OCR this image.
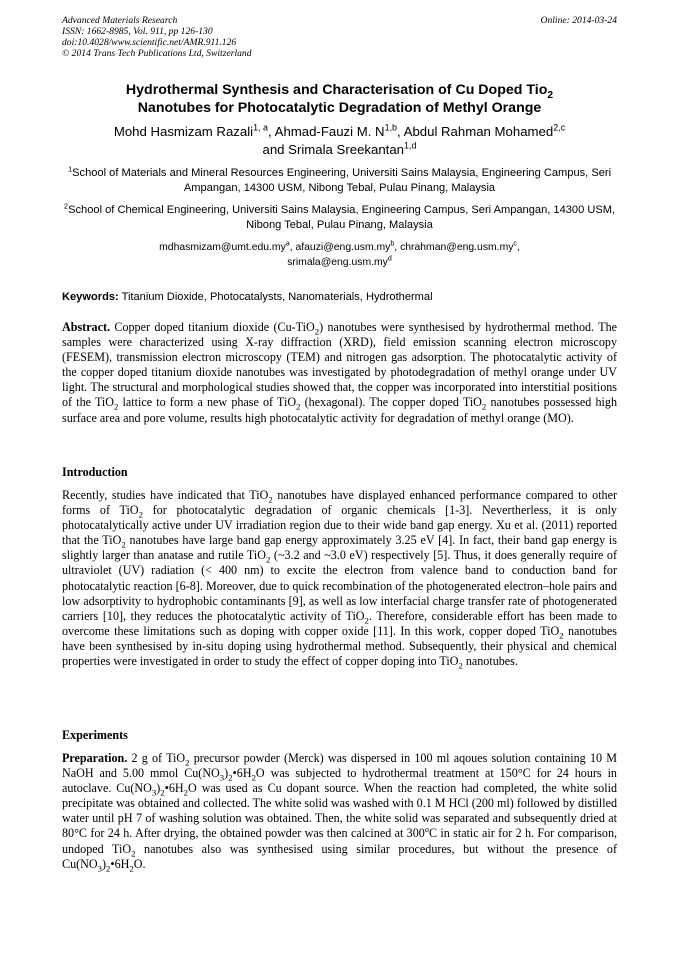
Advanced Materials Research
ISSN: 1662-8985, Vol. 911, pp 126-130
doi:10.4028/www.scientific.net/AMR.911.126
© 2014 Trans Tech Publications Ltd, Switzerland
Online: 2014-03-24
Hydrothermal Synthesis and Characterisation of Cu Doped Tio$_2$
Nanotubes for Photocatalytic Degradation of Methyl Orange
Mohd Hasmizam Razali$^{1, a}$, Ahmad-Fauzi M. N$^{1,b}$, Abdul Rahman Mohamed$^{2,c}$
and Srimala Sreekantan$^{1,d}$
$^1$School of Materials and Mineral Resources Engineering, Universiti Sains Malaysia, Engineering Campus, Seri Ampangan, 14300 USM, Nibong Tebal, Pulau Pinang, Malaysia
$^2$School of Chemical Engineering, Universiti Sains Malaysia, Engineering Campus, Seri Ampangan, 14300 USM, Nibong Tebal, Pulau Pinang, Malaysia
$mdhasmizam@umt.edu.my^a$, $afauzi@eng.usm.my^b$, $chrahman@eng.usm.my^c$,
$srimala@eng.usm.my^d$
Keywords: Titanium Dioxide, Photocatalysts, Nanomaterials, Hydrothermal

Abstract. Copper doped titanium dioxide (Cu-TiO$_2$) nanotubes were synthesised by hydrothermal method. The samples were characterized using X-ray diffraction (XRD), field emission scanning electron microscopy (FESEM), transmission electron microscopy (TEM) and nitrogen gas adsorption. The photocatalytic activity of the copper doped titanium dioxide nanotubes was investigated by photodegradation of methyl orange under UV light. The structural and morphological studies showed that, the copper was incorporated into interstitial positions of the TiO$_2$ lattice to form a new phase of TiO$_2$ (hexagonal). The copper doped TiO$_2$ nanotubes possessed high surface area and pore volume, results high photocatalytic activity for degradation of methyl orange (MO).

Introduction

Recently, studies have indicated that TiO$_2$ nanotubes have displayed enhanced performance compared to other forms of TiO$_2$ for photocatalytic degradation of organic chemicals [1-3]. Nevertherless, it is only photocatalytically active under UV irradiation region due to their wide band gap energy. Xu et al. (2011) reported that the TiO$_2$ nanotubes have large band gap energy approximately 3.25 eV [4]. In fact, their band gap energy is slightly larger than anatase and rutile TiO$_2$ (~3.2 and ~3.0 eV) respectively [5]. Thus, it does generally require of ultraviolet (UV) radiation (< 400 nm) to excite the electron from valence band to conduction band for photocatalytic reaction [6-8]. Moreover, due to quick recombination of the photogenerated electron–hole pairs and low adsorptivity to hydrophobic contaminants [9], as well as low interfacial charge transfer rate of photogenerated carriers [10], they reduces the photocatalytic activity of TiO$_2$. Therefore, considerable effort has been made to overcome these limitations such as doping with copper oxide [11]. In this work, copper doped TiO$_2$ nanotubes have been synthesised by in-situ doping using hydrothermal method. Subsequently, their physical and chemical properties were investigated in order to study the effect of copper doping into TiO$_2$ nanotubes.

Experiments

Preparation. 2 g of TiO$_2$ precursor powder (Merck) was dispersed in 100 ml aqoues solution containing 10 M NaOH and 5.00 mmol $Cu(NO_3)_2•6H_2O$ was subjected to hydrothermal treatment at 150°C for 24 hours in autoclave. $Cu(NO_3)_2•6H_2O$ was used as Cu dopant source. When the reaction had completed, the white solid precipitate was obtained and collected. The white solid was washed with 0.1 M HCl (200 ml) followed by distilled water until pH 7 of washing solution was obtained. Then, the white solid was separated and subsequently dried at 80°C for 24 h. After drying, the obtained powder was then calcined at 300$^o$C in static air for 2 h. For comparison, undoped TiO$_2$ nanotubes also was synthesised using similar procedures, but without the presence of $Cu(NO_3)_2•6H_2O$.
